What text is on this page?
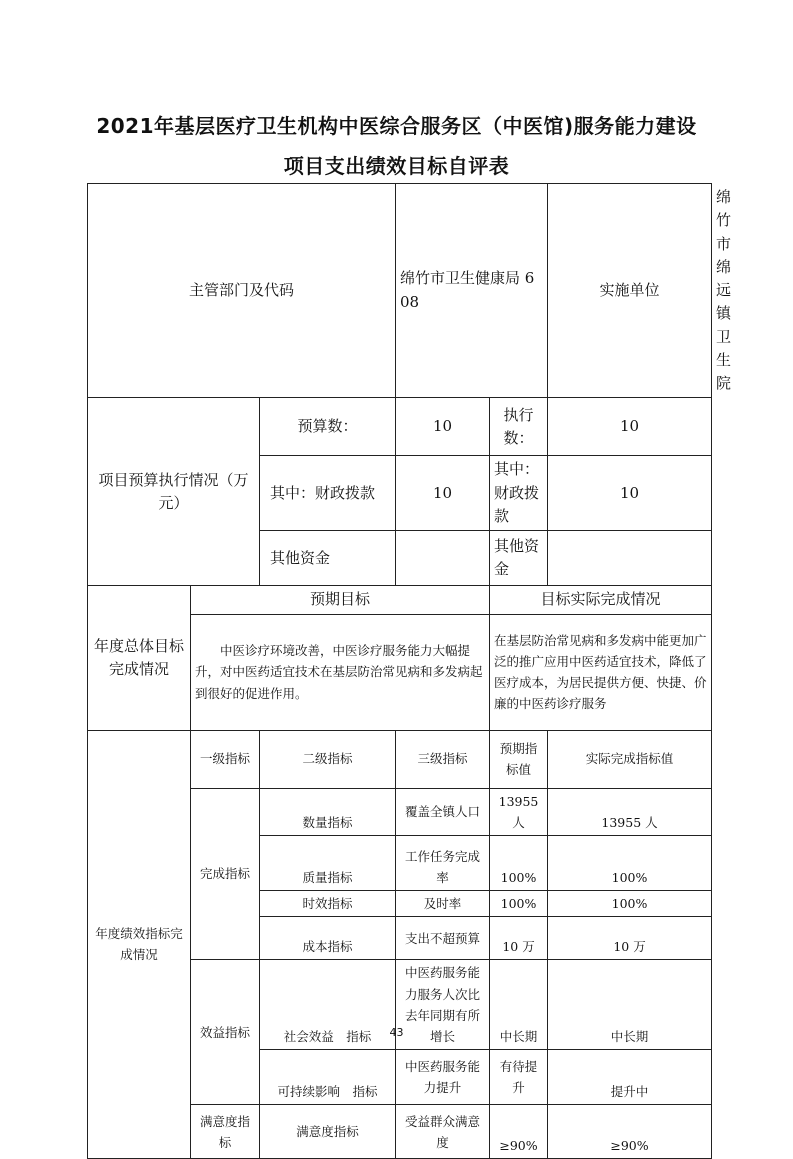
2021年基层医疗卫生机构中医综合服务区（中医馆)服务能力建设
项目支出绩效目标自评表
主管部门及代码			绵竹市卫生健康局 608		实施单位	绵竹市绵远镇卫生院
项目预算执行情况（万元）		预算数：	10	执行数：	10	
		其中：财政拨款	10	其中：财政拨款	10	
		其他资金		其他资金		
年度总体目标完成情况	预期目标			目标实际完成情况		
	中医诊疗环境改善，中医诊疗服务能力大幅提升，对中医药适宜技术在基层防治常见病和多发病起到很好的促进作用。			在基层防治常见病和多发病中能更加广泛的推广应用中医药适宜技术，降低了医疗成本，为居民提供方便、快捷、价廉的中医药诊疗服务		
年度绩效指标完成情况	一级指标	二级指标	三级指标	预期指标值	实际完成指标值	
	完成指标	数量指标	覆盖全镇人口	13955 人	13955 人	
		质量指标	工作任务完成率	100%	100%	
		时效指标	及时率	100%	100%	
		成本指标	支出不超预算	10 万	10 万	
	效益指标	社会效益　指标	中医药服务能力服务人次比去年同期有所增长	中长期	中长期	
		可持续影响　指标	中医药服务能力提升	有待提升	提升中	
	满意度指标	满意度指标	受益群众满意度	≥90%	≥90%	
43
